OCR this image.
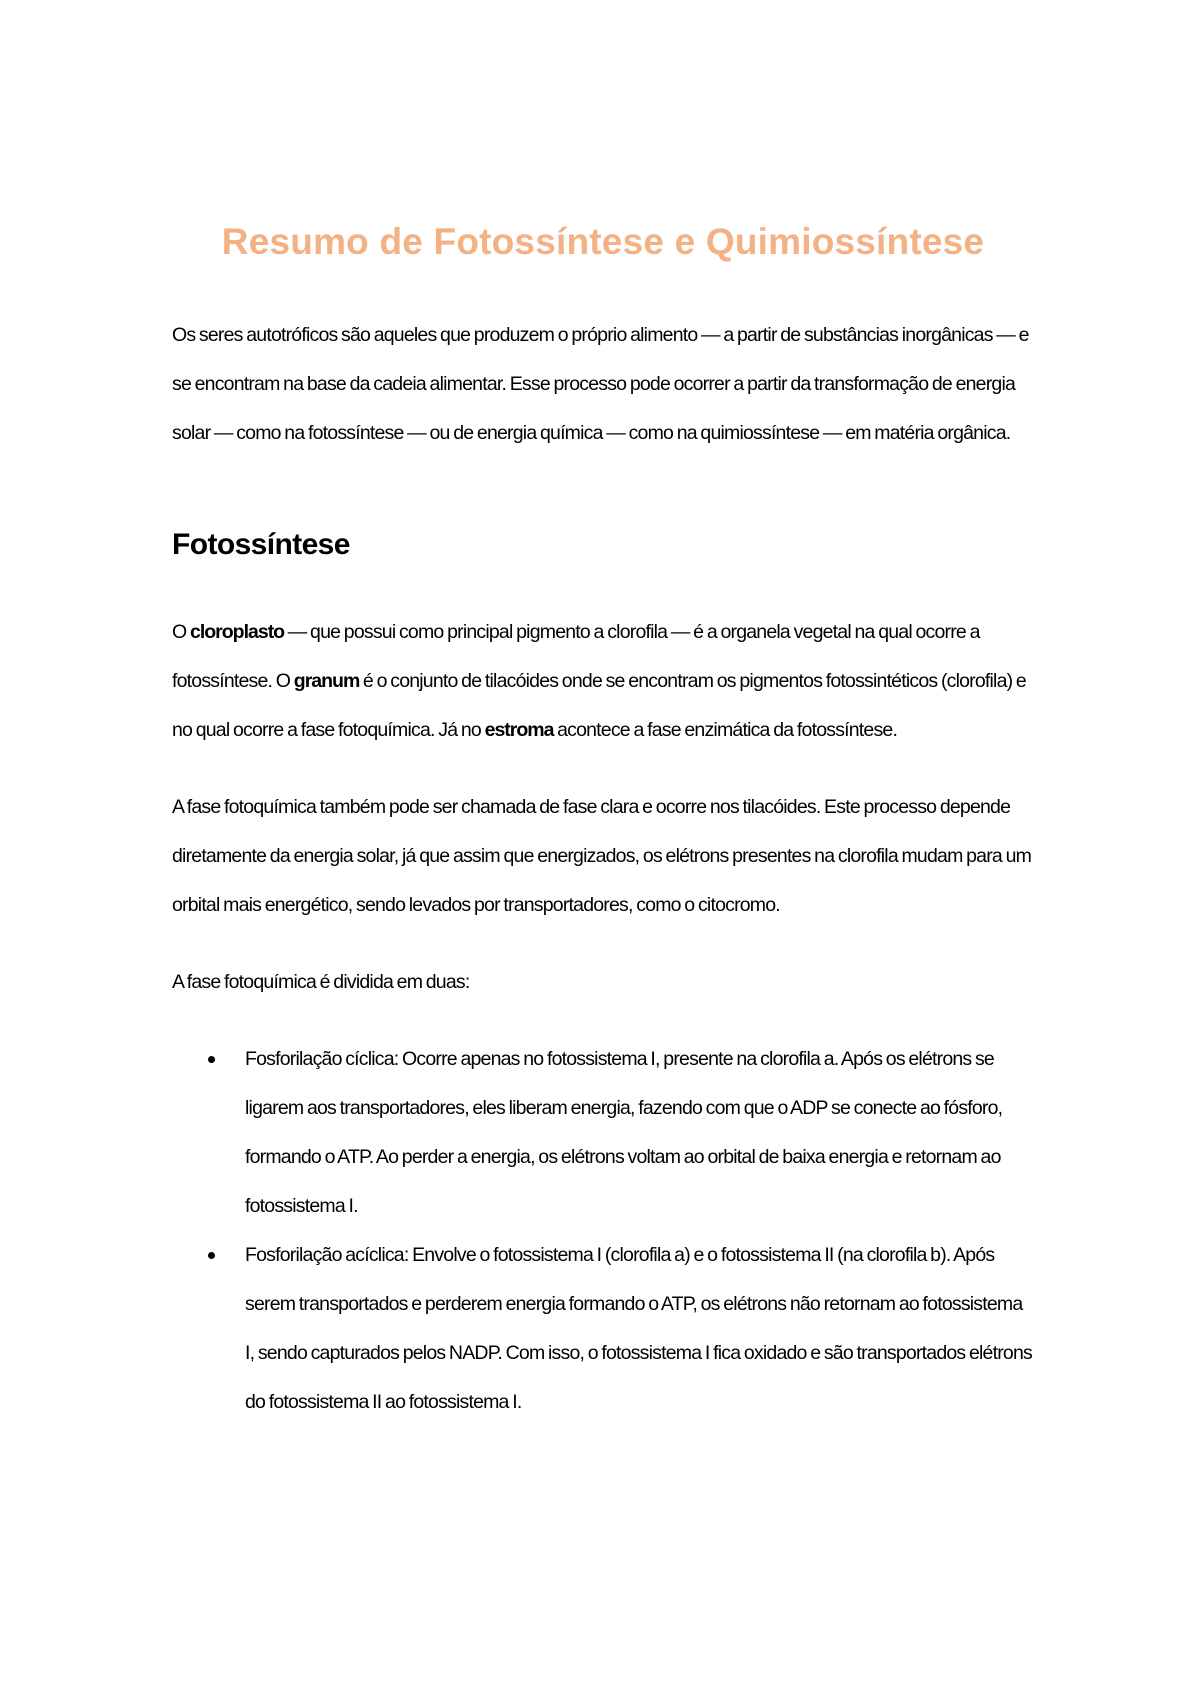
Resumo de Fotossíntese e Quimiossíntese

Os seres autotróficos são aqueles que produzem o próprio alimento — a partir de substâncias inorgânicas — e se encontram na base da cadeia alimentar. Esse processo pode ocorrer a partir da transformação de energia solar — como na fotossíntese — ou de energia química — como na quimiossíntese — em matéria orgânica.

Fotossíntese

O cloroplasto — que possui como principal pigmento a clorofila — é a organela vegetal na qual ocorre a fotossíntese. O granum é o conjunto de tilacóides onde se encontram os pigmentos fotossintéticos (clorofila) e no qual ocorre a fase fotoquímica. Já no estroma acontece a fase enzimática da fotossíntese.

A fase fotoquímica também pode ser chamada de fase clara e ocorre nos tilacóides. Este processo depende diretamente da energia solar, já que assim que energizados, os elétrons presentes na clorofila mudam para um orbital mais energético, sendo levados por transportadores, como o citocromo.

A fase fotoquímica é dividida em duas:

Fosforilação cíclica: Ocorre apenas no fotossistema I, presente na clorofila a. Após os elétrons se ligarem aos transportadores, eles liberam energia, fazendo com que o ADP se conecte ao fósforo, formando o ATP. Ao perder a energia, os elétrons voltam ao orbital de baixa energia e retornam ao fotossistema I.
Fosforilação acíclica: Envolve o fotossistema I (clorofila a) e o fotossistema II (na clorofila b). Após serem transportados e perderem energia formando o ATP, os elétrons não retornam ao fotossistema I, sendo capturados pelos NADP. Com isso, o fotossistema I fica oxidado e são transportados elétrons do fotossistema II ao fotossistema I.
